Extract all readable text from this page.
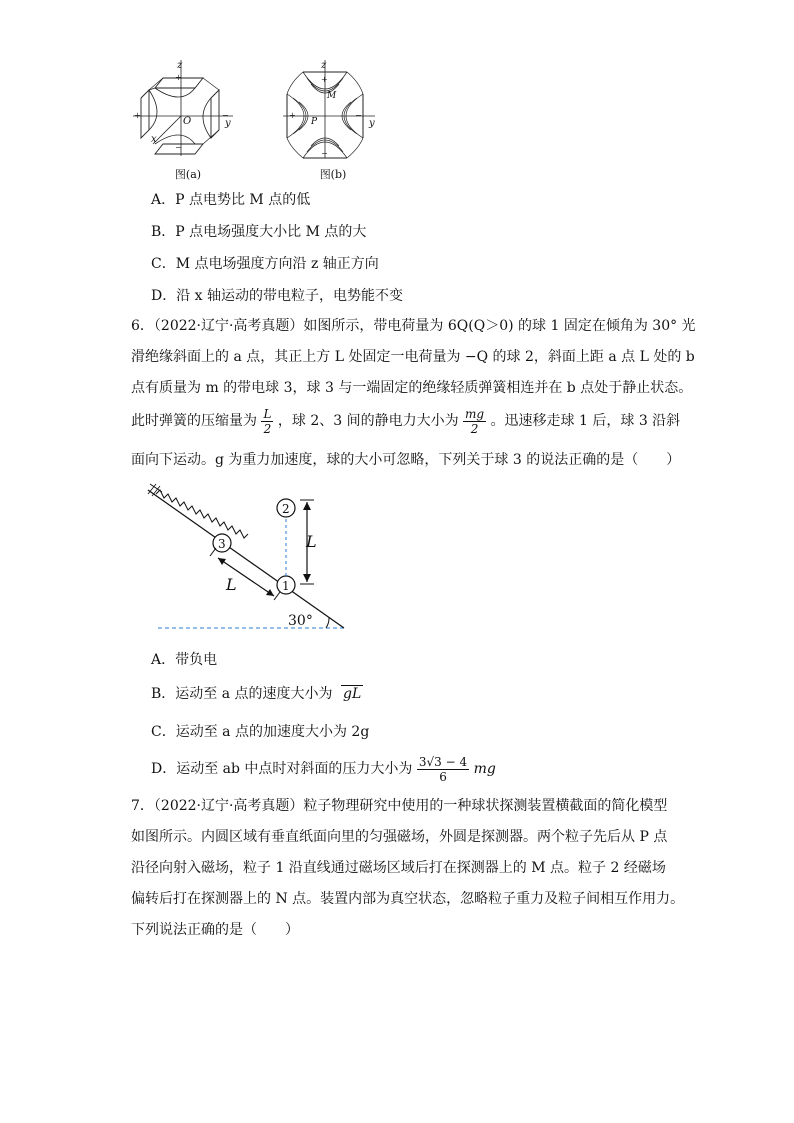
+
−
+	−
z
y
x
O
图(a)
+
−
+	−
z
y
M
P
图(b)
A．P 点电势比 M 点的低
B．P 点电场强度大小比 M 点的大
C．M 点电场强度方向沿 z 轴正方向
D．沿 x 轴运动的带电粒子，电势能不变
6．（2022·辽宁·高考真题）如图所示，带电荷量为 6Q(Q＞0) 的球 1 固定在倾角为 30° 光
滑绝缘斜面上的 a 点，其正上方 L 处固定一电荷量为 −Q 的球 2，斜面上距 a 点 L 处的 b
点有质量为 m 的带电球 3，球 3 与一端固定的绝缘轻质弹簧相连并在 b 点处于静止状态。
此时弹簧的压缩量为 $\frac{L}{2}$ ，球 2、3 间的静电力大小为 $\frac{mg}{2}$ 。迅速移走球 1 后，球 3 沿斜
面向下运动。g 为重力加速度，球的大小可忽略，下列关于球 3 的说法正确的是（　　）
3
1
2
L
L
30°
A．带负电
B．运动至 a 点的速度大小为 gL
C．运动至 a 点的加速度大小为 2g
D．运动至 ab 中点时对斜面的压力大小为 $\frac{3√3 - 4}{6}$ mg
7．（2022·辽宁·高考真题）粒子物理研究中使用的一种球状探测装置横截面的简化模型
如图所示。内圆区域有垂直纸面向里的匀强磁场，外圆是探测器。两个粒子先后从 P 点
沿径向射入磁场，粒子 1 沿直线通过磁场区域后打在探测器上的 M 点。粒子 2 经磁场
偏转后打在探测器上的 N 点。装置内部为真空状态，忽略粒子重力及粒子间相互作用力。
下列说法正确的是（　　）
